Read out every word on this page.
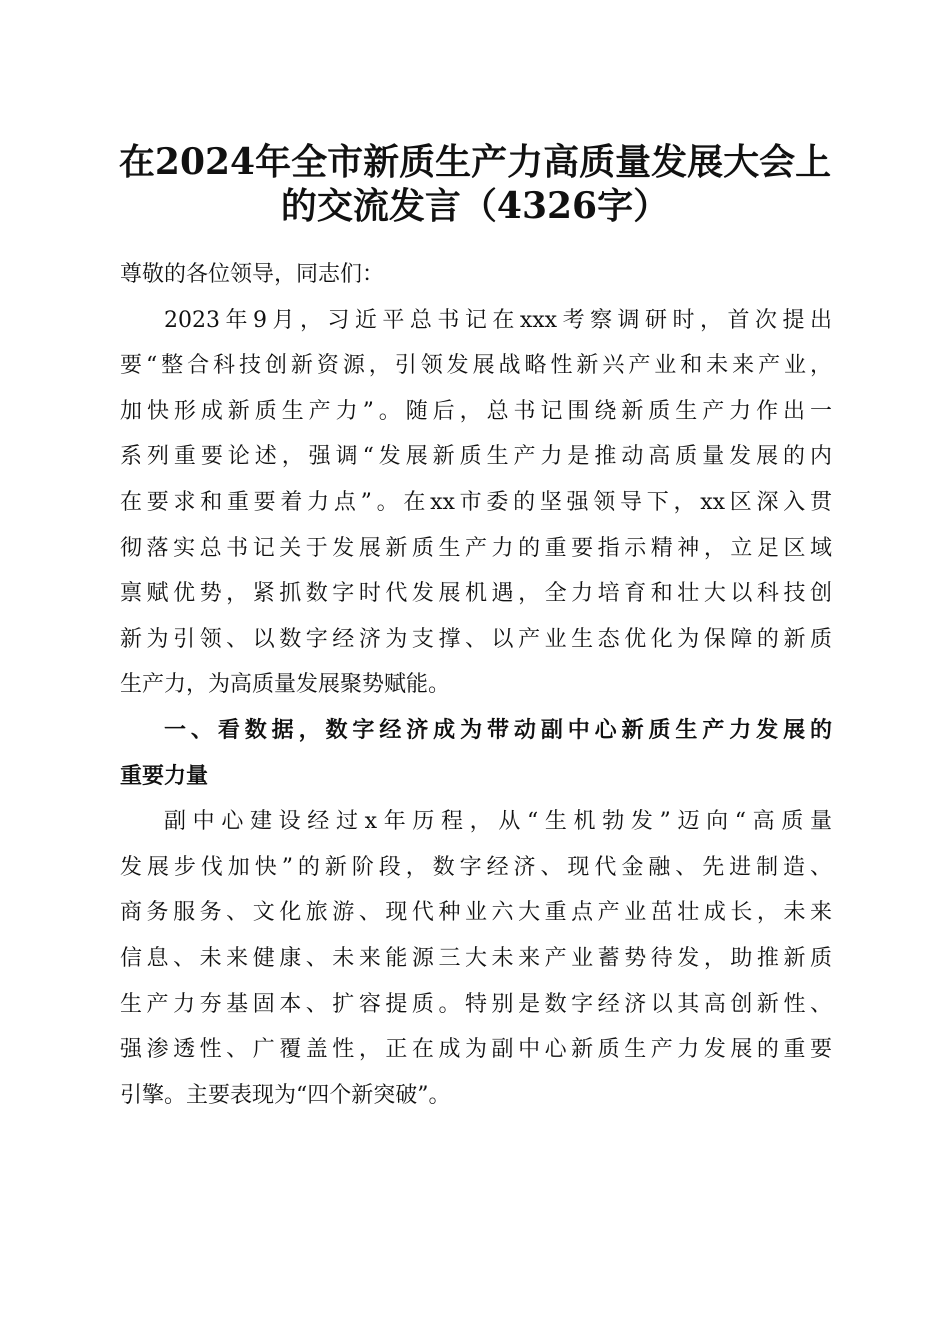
在2024年全市新质生产力高质量发展大会上
的交流发言（4326字）
尊敬的各位领导，同志们：
2023年9月，习近平总书记在xxx考察调研时，首次提出
要“整合科技创新资源，引领发展战略性新兴产业和未来产业，
加快形成新质生产力”。随后，总书记围绕新质生产力作出一
系列重要论述，强调“发展新质生产力是推动高质量发展的内
在要求和重要着力点”。在xx市委的坚强领导下，xx区深入贯
彻落实总书记关于发展新质生产力的重要指示精神，立足区域
禀赋优势，紧抓数字时代发展机遇，全力培育和壮大以科技创
新为引领、以数字经济为支撑、以产业生态优化为保障的新质
生产力，为高质量发展聚势赋能。
一、看数据，数字经济成为带动副中心新质生产力发展的
重要力量
副中心建设经过x年历程，从“生机勃发”迈向“高质量
发展步伐加快”的新阶段，数字经济、现代金融、先进制造、
商务服务、文化旅游、现代种业六大重点产业茁壮成长，未来
信息、未来健康、未来能源三大未来产业蓄势待发，助推新质
生产力夯基固本、扩容提质。特别是数字经济以其高创新性、
强渗透性、广覆盖性，正在成为副中心新质生产力发展的重要
引擎。主要表现为“四个新突破”。
